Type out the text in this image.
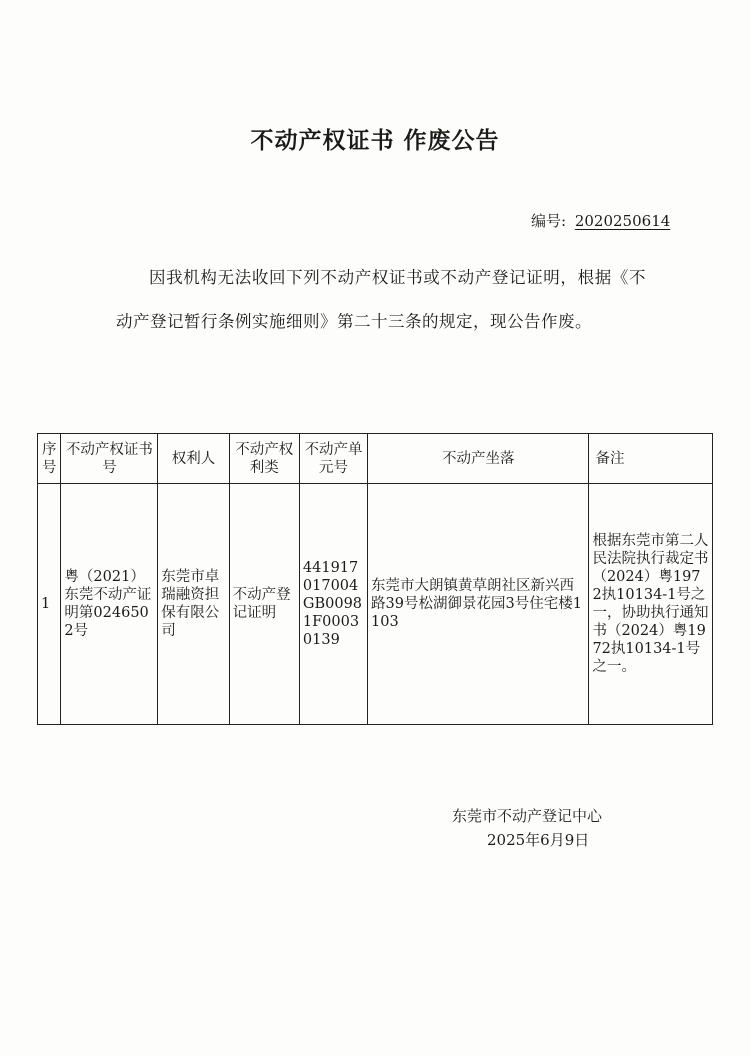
不动产权证书 作废公告
编号: 2020250614
因我机构无法收回下列不动产权证书或不动产登记证明，根据《不动产登记暂行条例实施细则》第二十三条的规定，现公告作废。
序号	不动产权证书号	权利人	不动产权利类	不动产单元号	不动产坐落	备注
1	粤（2021）东莞不动产证明第0246502号	东莞市卓瑞融资担保有限公司	不动产登记证明	441917017004GB00981F00030139	东莞市大朗镇黄草朗社区新兴西路39号松湖御景花园3号住宅楼1103	根据东莞市第二人民法院执行裁定书（2024）粤1972执10134-1号之一，协助执行通知书（2024）粤1972执10134-1号之一。
东莞市不动产登记中心
2025年6月9日
